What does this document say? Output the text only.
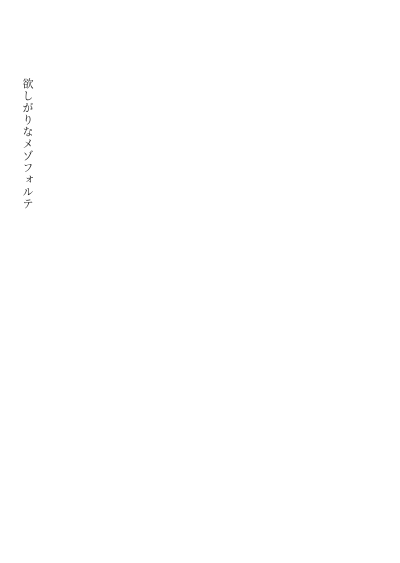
欲しがりなメゾフォルテ
